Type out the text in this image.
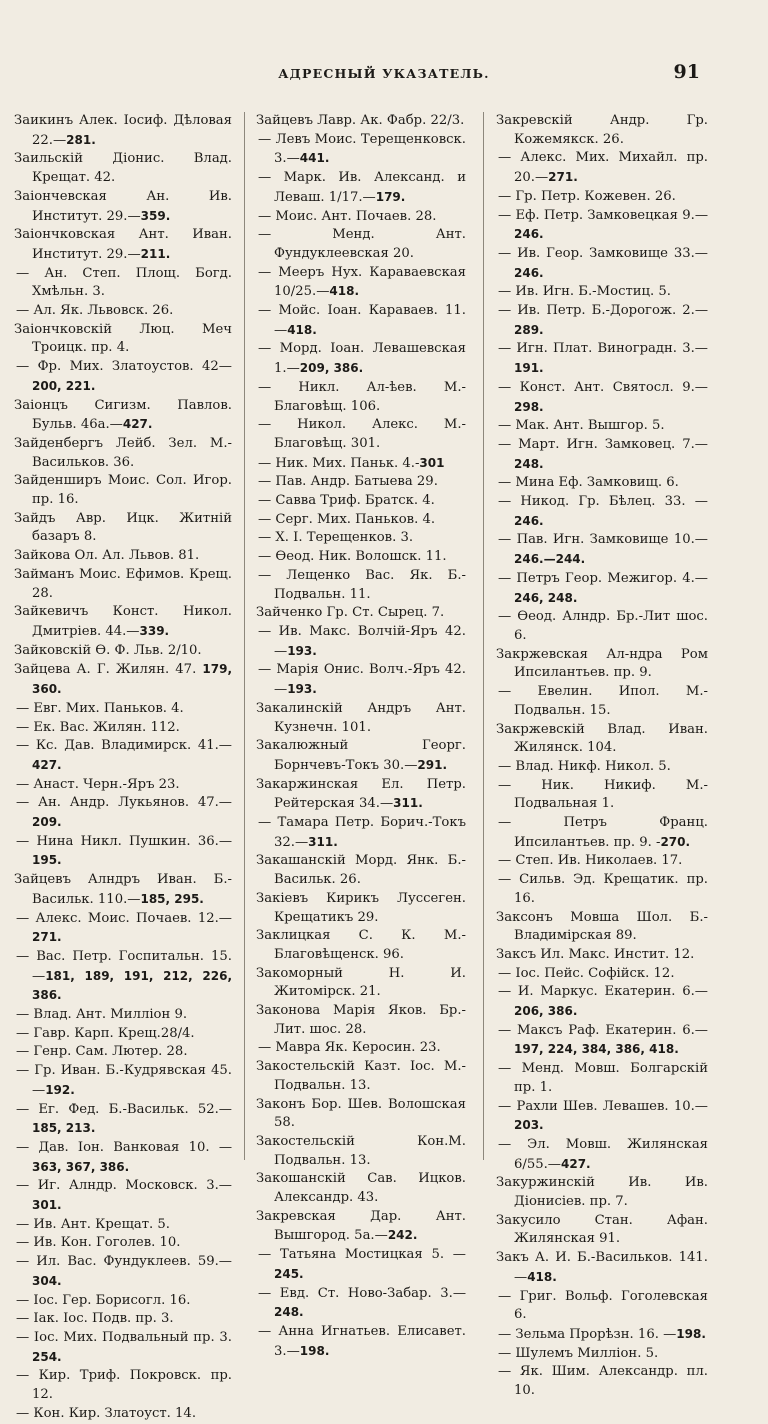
АДРЕСНЫЙ УКАЗАТЕЛЬ.	91

Заикинъ Алек. Iосиф. Дѣловая 22.—281.

Заильскiй Дiонис. Влад. Крещат. 42.

Заiончевская Ан. Ив. Институт. 29.—359.

Заiончковская Ант. Иван. Институт. 29.—211.

— Ан. Степ. Площ. Богд. Хмѣльн. 3.

— Ал. Як. Львовск. 26.

Заiончковскiй Люц. Меч Троицк. пр. 4.

— Фр. Мих. Златоустов. 42—200, 221.

Заiонцъ Сигизм. Павлов. Бульв. 46а.—427.

Зайденбергъ Лейб. Зел. М.-Васильков. 36.

Зайденширъ Моис. Сол. Игор. пр. 16.

Зайдъ Авр. Ицк. Житнiй базаръ 8.

Зайкова Ол. Ал. Львов. 81.

Займанъ Моис. Ефимов. Крещ. 28.

Зайкевичъ Конст. Никол. Дмитрiев. 44.—339.

Зайковскiй Ѳ. Ф. Льв. 2/10.

Зайцева А. Г. Жилян. 47. 179, 360.

— Евг. Мих. Паньков. 4.

— Ек. Вас. Жилян. 112.

— Кс. Дав. Владимирск. 41.—427.

— Анаст. Черн.-Яръ 23.

— Ан. Андр. Лукьянов. 47.—209.

— Нина Никл. Пушкин. 36.—195.

Зайцевъ Алндръ Иван. Б.-Васильк. 110.—185, 295.

— Алекс. Моис. Почаев. 12.—271.

— Вас. Петр. Госпитальн. 15.—181, 189, 191, 212, 226, 386.

— Влад. Ант. Миллiон 9.

— Гавр. Карп. Крещ.28/4.

— Генр. Сам. Лютер. 28.

— Гр. Иван. Б.-Кудрявская 45.—192.

— Ег. Фед. Б.-Васильк. 52.—185, 213.

— Дав. Iон. Ванковая 10. —363, 367, 386.

— Иг. Алндр. Московск. 3.—301.

— Ив. Ант. Крещат. 5.

— Ив. Кон. Гоголев. 10.

— Ил. Вас. Фундуклеев. 59.—304.

— Iос. Гер. Борисогл. 16.

— Iак. Iос. Подв. пр. 3.

— Iос. Мих. Подвальный пр. 3. 254.

— Кир. Триф. Покровск. пр. 12.

— Кон. Кир. Златоуст. 14.

Зайцевъ Лавр. Ак. Фабр. 22/3.

— Левъ Моис. Терещенковск. 3.—441.

— Марк. Ив. Александ. и Леваш. 1/17.—179.

— Моис. Ант. Почаев. 28.

— Менд. Ант. Фундуклеевская 20.

— Мееръ Нух. Караваевская 10/25.—418.

— Мойс. Iоан. Караваев. 11.—418.

— Морд. Iоан. Левашевская 1.—209, 386.

— Никл. Ал-ѣев. М.-Благовѣщ. 106.

— Никол. Алекс. М.-Благовѣщ. 301.

— Ник. Мих. Паньк. 4.-301

— Пав. Андр. Батыева 29.

— Савва Триф. Братск. 4.

— Серг. Мих. Паньков. 4.

— Х. I. Терещенков. 3.

— Ѳеод. Ник. Волошск. 11.

— Лещенко Вас. Як. Б.-Подвальн. 11.

Зайченко Гр. Ст. Сырец. 7.

— Ив. Макс. Волчiй-Яръ 42.—193.

— Марiя Онис. Волч.-Яръ 42.—193.

Закалинскiй Андръ Ант. Кузнечн. 101.

Закалюжный Георг. Борнчевъ-Токъ 30.—291.

Закаржинская Ел. Петр. Рейтерская 34.—311.

— Тамара Петр. Борич.-Токъ 32.—311.

Закашанскiй Морд. Янк. Б.-Васильк. 26.

Закiевъ Кирикъ Луссеген. Крещатикъ 29.

Заклицкая С. К. М.-Благовѣщенск. 96.

Закоморный Н. И. Житомiрск. 21.

Законова Марiя Яков. Бр.-Лит. шос. 28.

— Мавра Як. Керосин. 23.

Закостельскiй Казт. Iос. М.-Подвальн. 13.

Законъ Бор. Шев. Волошская 58.

Закостельскiй Кон.М. Подвальн. 13.

Закошанскiй Сав. Ицков. Александр. 43.

Закревская Дар. Ант. Вышгород. 5а.—242.

— Татьяна Мостицкая 5. —245.

— Евд. Ст. Ново-Забар. 3.—248.

— Анна Игнатьев. Елисавет. 3.—198.

Закревскiй Андр. Гр. Кожемякск. 26.

— Алекс. Мих. Михайл. пр. 20.—271.

— Гр. Петр. Кожевен. 26.

— Еф. Петр. Замковецкая 9.—246.

— Ив. Геор. Замковище 33.—246.

— Ив. Игн. Б.-Мостиц. 5.

— Ив. Петр. Б.-Дорогож. 2.—289.

— Игн. Плат. Виноградн. 3.—191.

— Конст. Ант. Святосл. 9.—298.

— Мак. Ант. Вышгор. 5.

— Март. Игн. Замковец. 7.—248.

— Мина Еф. Замковищ. 6.

— Никод. Гр. Бѣлец. 33. —246.

— Пав. Игн. Замковище 10.—246.—244.

— Петръ Геор. Межигор. 4.—246, 248.

— Ѳеод. Алндр. Бр.-Лит шос. 6.

Закржевская Ал-ндра Ром Ипсилантьев. пр. 9.

— Евелин. Ипол. М.-Подвальн. 15.

Закржевскiй Влад. Иван. Жилянск. 104.

— Влад. Никф. Никол. 5.

— Ник. Никиф. М.-Подвальная 1.

— Петръ Франц. Ипсилантьев. пр. 9. -270.

— Степ. Ив. Николаев. 17.

— Сильв. Эд. Крещатик. пр. 16.

Заксонъ Мовша Шол. Б.-Владимiрская 89.

Заксъ Ил. Макс. Инстит. 12.

— Iос. Пейс. Софiйск. 12.

— И. Маркус. Екатерин. 6.—206, 386.

— Максъ Раф. Екатерин. 6.—197, 224, 384, 386, 418.

— Менд. Мовш. Болгарскiй пр. 1.

— Рахли Шев. Левашев. 10.—203.

— Эл. Мовш. Жилянская 6/55.—427.

Закуржинскiй Ив. Ив. Дiонисiев. пр. 7.

Закусило Стан. Афан. Жилянская 91.

Закъ А. И. Б.-Васильков. 141.—418.

— Григ. Вольф. Гоголевская 6.

— Зельма Прорѣзн. 16. —198.

— Шулемъ Миллiон. 5.

— Як. Шим. Александр. пл. 10.
